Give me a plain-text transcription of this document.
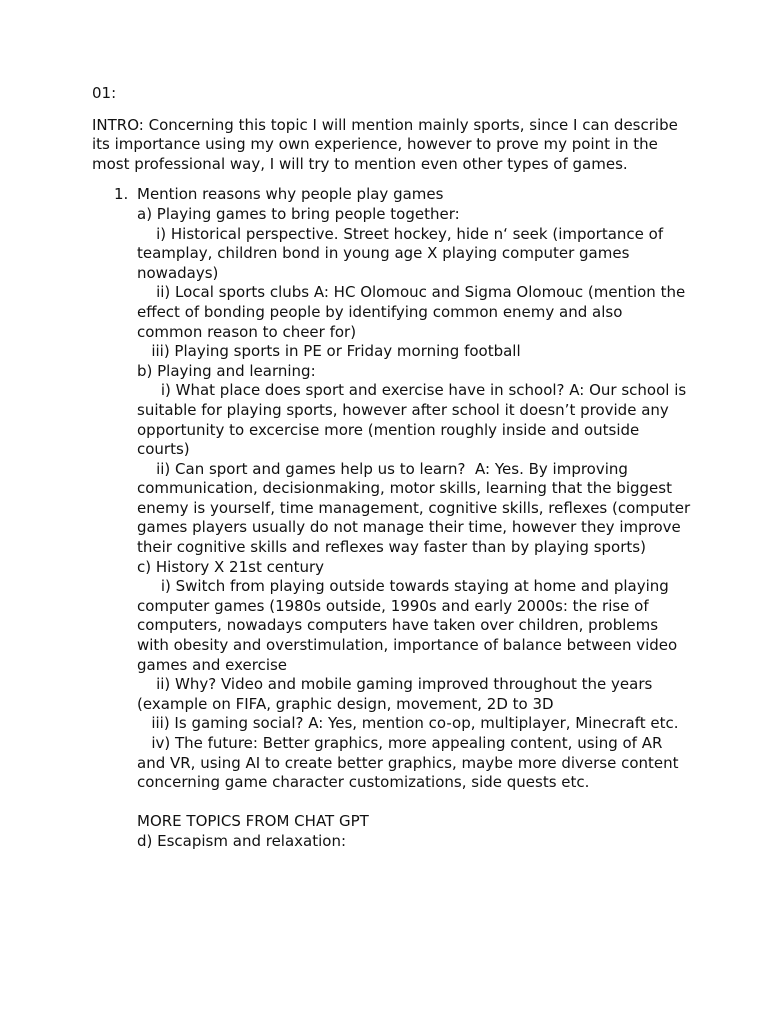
01:

INTRO: Concerning this topic I will mention mainly sports, since I can describe its importance using my own experience, however to prove my point in the most professional way, I will try to mention even other types of games.

1. Mention reasons why people play games
a) Playing games to bring people together:
i) Historical perspective. Street hockey, hide n‘ seek (importance of teamplay, children bond in young age X playing computer games nowadays)
ii) Local sports clubs A: HC Olomouc and Sigma Olomouc (mention the effect of bonding people by identifying common enemy and also common reason to cheer for)
iii) Playing sports in PE or Friday morning football
b) Playing and learning:
i) What place does sport and exercise have in school? A: Our school is suitable for playing sports, however after school it doesn’t provide any opportunity to excercise more (mention roughly inside and outside courts)
ii) Can sport and games help us to learn?  A: Yes. By improving communication, decisionmaking, motor skills, learning that the biggest enemy is yourself, time management, cognitive skills, reflexes (computer games players usually do not manage their time, however they improve their cognitive skills and reflexes way faster than by playing sports)
c) History X 21st century
i) Switch from playing outside towards staying at home and playing computer games (1980s outside, 1990s and early 2000s: the rise of computers, nowadays computers have taken over children, problems with obesity and overstimulation, importance of balance between video games and exercise
ii) Why? Video and mobile gaming improved throughout the years (example on FIFA, graphic design, movement, 2D to 3D
iii) Is gaming social? A: Yes, mention co-op, multiplayer, Minecraft etc.
iv) The future: Better graphics, more appealing content, using of AR and VR, using AI to create better graphics, maybe more diverse content concerning game character customizations, side quests etc.
MORE TOPICS FROM CHAT GPT
d) Escapism and relaxation:
